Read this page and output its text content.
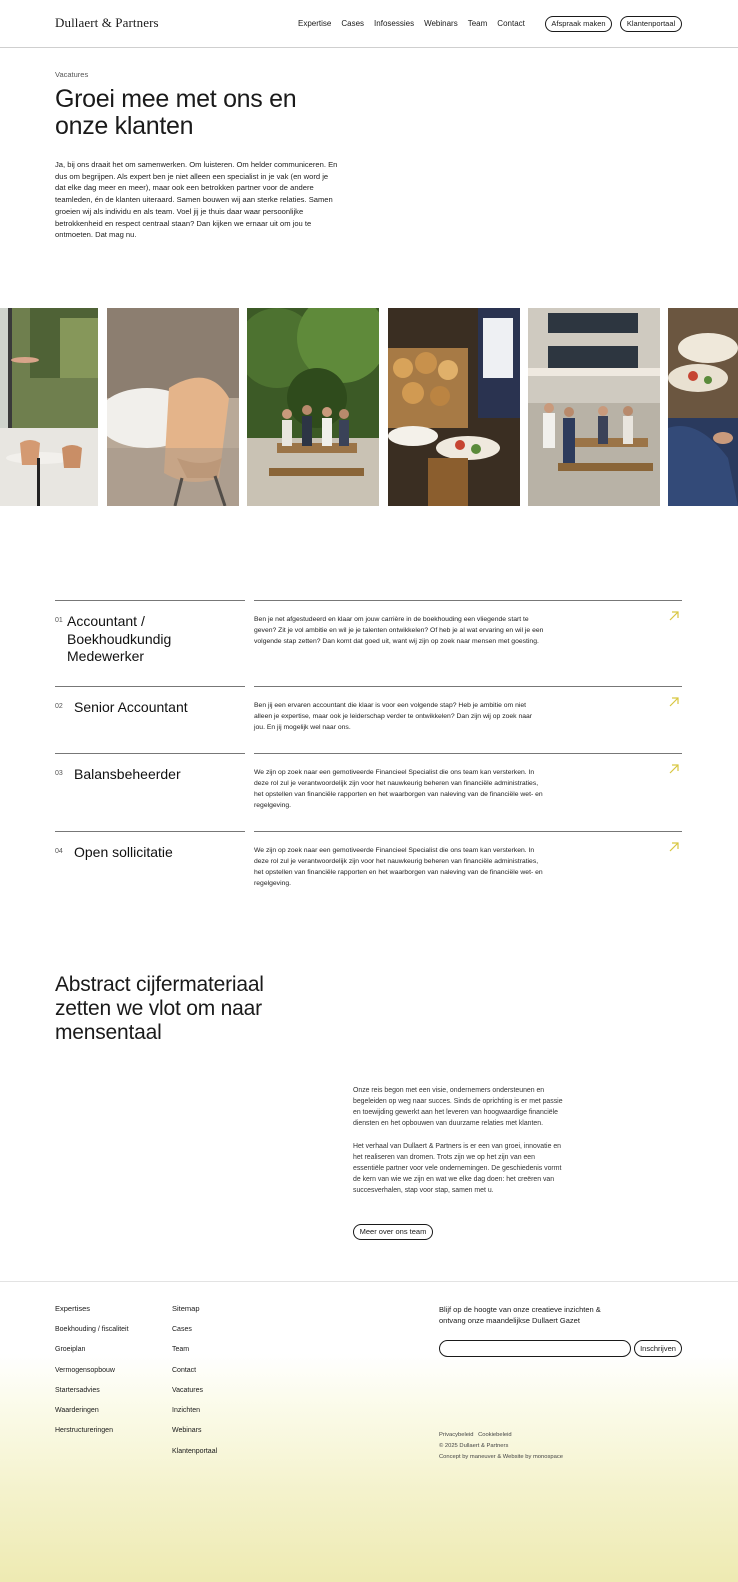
Dullaert & Partners	Expertise Cases Infosessies Webinars Team Contact	Afspraak maken	Klantenportaal
Vacatures
Groei mee met ons en onze klanten

Ja, bij ons draait het om samenwerken. Om luisteren. Om helder communiceren. En dus om begrijpen. Als expert ben je niet alleen een specialist in je vak (en word je dat elke dag meer en meer), maar ook een betrokken partner voor de andere teamleden, én de klanten uiteraard. Samen bouwen wij aan sterke relaties. Samen groeien wij als individu en als team. Voel jij je thuis daar waar persoonlijke betrokkenheid en respect centraal staan? Dan kijken we ernaar uit om jou te ontmoeten. Dat mag nu.

01 Accountant / Boekhoudkundig Medewerker
Ben je net afgestudeerd en klaar om jouw carrière in de boekhouding een vliegende start te geven? Zit je vol ambitie en wil je je talenten ontwikkelen? Of heb je al wat ervaring en wil je een volgende stap zetten? Dan komt dat goed uit, want wij zijn op zoek naar mensen met goesting.
02 Senior Accountant	Ben jij een ervaren accountant die klaar is voor een volgende stap? Heb je ambitie om niet alleen je expertise, maar ook je leiderschap verder te ontwikkelen? Dan zijn wij op zoek naar jou. En jij mogelijk wel naar ons.
03 Balansbeheerder	We zijn op zoek naar een gemotiveerde Financieel Specialist die ons team kan versterken. In deze rol zul je verantwoordelijk zijn voor het nauwkeurig beheren van financiële administraties, het opstellen van financiële rapporten en het waarborgen van naleving van de financiële wet- en regelgeving.
04 Open sollicitatie	We zijn op zoek naar een gemotiveerde Financieel Specialist die ons team kan versterken. In deze rol zul je verantwoordelijk zijn voor het nauwkeurig beheren van financiële administraties, het opstellen van financiële rapporten en het waarborgen van naleving van de financiële wet- en regelgeving.
Abstract cijfermateriaal zetten we vlot om naar mensentaal

Onze reis begon met een visie, ondernemers ondersteunen en begeleiden op weg naar succes. Sinds de oprichting is er met passie en toewijding gewerkt aan het leveren van hoogwaardige financiële diensten en het opbouwen van duurzame relaties met klanten.

Het verhaal van Dullaert & Partners is er een van groei, innovatie en het realiseren van dromen. Trots zijn we op het zijn van een essentiële partner voor vele ondernemingen. De geschiedenis vormt de kern van wie we zijn en wat we elke dag doen: het creëren van succesverhalen, stap voor stap, samen met u.

Meer over ons team
Expertises
Boekhouding / fiscaliteit
Groeiplan
Vermogensopbouw
Startersadvies
Waarderingen
Herstructureringen
Sitemap
Cases
Team
Contact
Vacatures
Inzichten
Webinars
Klantenportaal
Blijf op de hoogte van onze creatieve inzichten & ontvang onze maandelijkse Dullaert Gazet
Inschrijven
Privacybeleid Cookiebeleid
© 2025 Dullaert & Partners
Concept by maneuver & Website by monospace
